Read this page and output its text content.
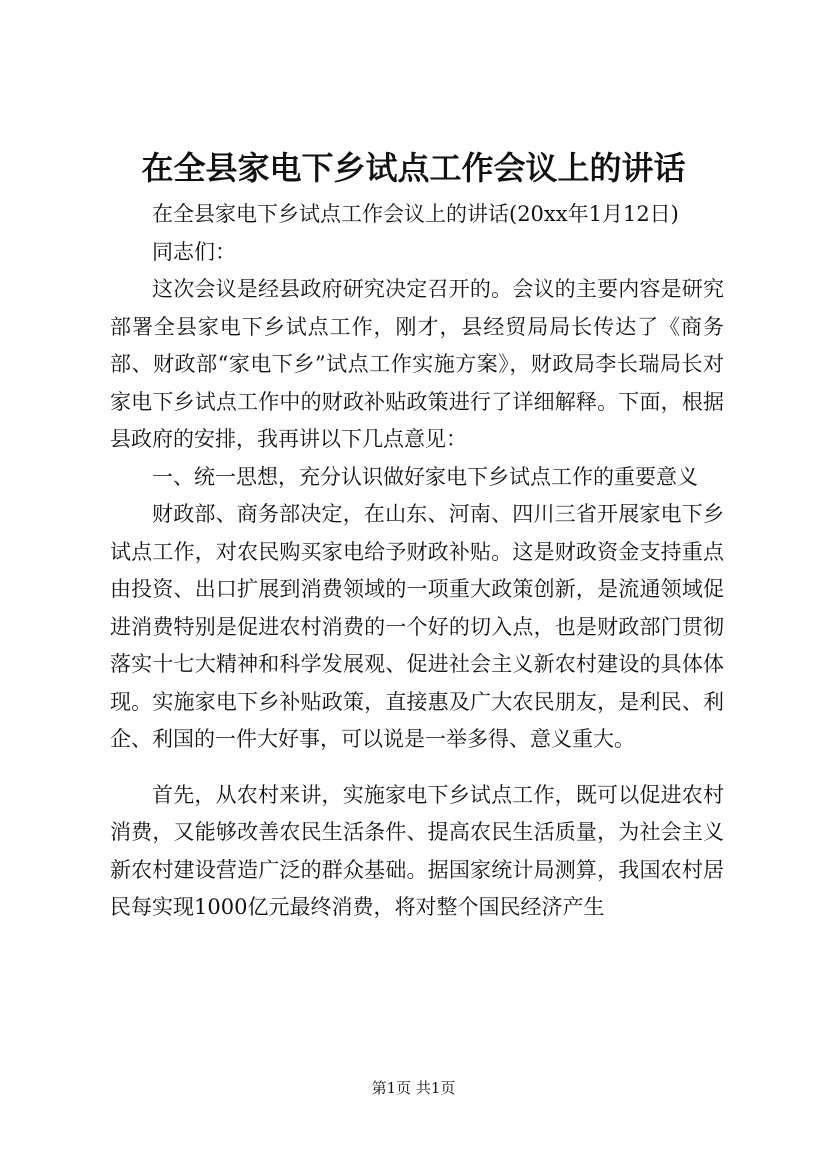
在全县家电下乡试点工作会议上的讲话

在全县家电下乡试点工作会议上的讲话(20xx年1月12日)

同志们：

这次会议是经县政府研究决定召开的。会议的主要内容是研究部署全县家电下乡试点工作，刚才，县经贸局局长传达了《商务部、财政部“家电下乡”试点工作实施方案》，财政局李长瑞局长对家电下乡试点工作中的财政补贴政策进行了详细解释。下面，根据县政府的安排，我再讲以下几点意见：

一、统一思想，充分认识做好家电下乡试点工作的重要意义

财政部、商务部决定，在山东、河南、四川三省开展家电下乡试点工作，对农民购买家电给予财政补贴。这是财政资金支持重点由投资、出口扩展到消费领域的一项重大政策创新，是流通领域促进消费特别是促进农村消费的一个好的切入点，也是财政部门贯彻落实十七大精神和科学发展观、促进社会主义新农村建设的具体体现。实施家电下乡补贴政策，直接惠及广大农民朋友，是利民、利企、利国的一件大好事，可以说是一举多得、意义重大。

首先，从农村来讲，实施家电下乡试点工作，既可以促进农村消费，又能够改善农民生活条件、提高农民生活质量，为社会主义新农村建设营造广泛的群众基础。据国家统计局测算，我国农村居民每实现1000亿元最终消费，将对整个国民经济产生

第1页 共1页
